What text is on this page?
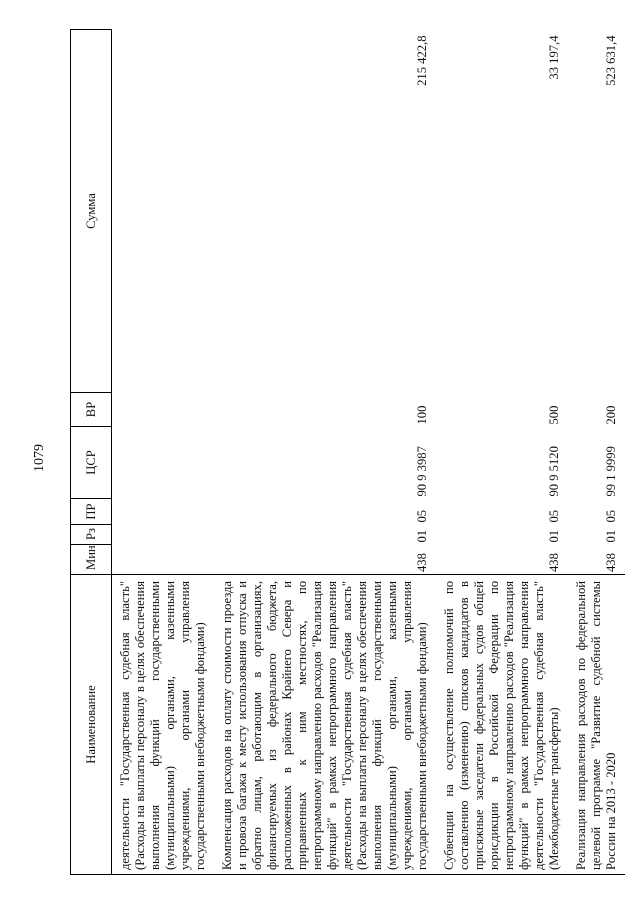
1079
Наименование	Мин	Рз	ПР	ЦСР	ВР	Сумма
деятельности "Государственная судебная власть" (Расходы на выплаты персоналу в целях обеспечения выполнения функций государственными (муниципальными) органами, казенными учреждениями, органами управления государственными внебюджетными фондами)						
Компенсация расходов на оплату стоимости проезда и провоза багажа к месту использования отпуска и обратно лицам, работающим в организациях, финансируемых из федерального бюджета, расположенных в районах Крайнего Севера и приравненных к ним местностях, по непрограммному направлению расходов "Реализация функций" в рамках непрограммного направления деятельности "Государственная судебная власть" (Расходы на выплаты персоналу в целях обеспечения выполнения функций государственными (муниципальными) органами, казенными учреждениями, органами управления государственными внебюджетными фондами)	438	01	05	90 9 3987	100	215 422,8
Субвенции на осуществление полномочий по составлению (изменению) списков кандидатов в присяжные заседатели федеральных судов общей юрисдикции в Российской Федерации по непрограммному направлению расходов "Реализация функций" в рамках непрограммного направления деятельности "Государственная судебная власть" (Межбюджетные трансферты)	438	01	05	90 9 5120	500	33 197,4
Реализация направления расходов по федеральной целевой программе "Развитие судебной системы России на 2013 - 2020	438	01	05	99 1 9999	200	523 631,4
